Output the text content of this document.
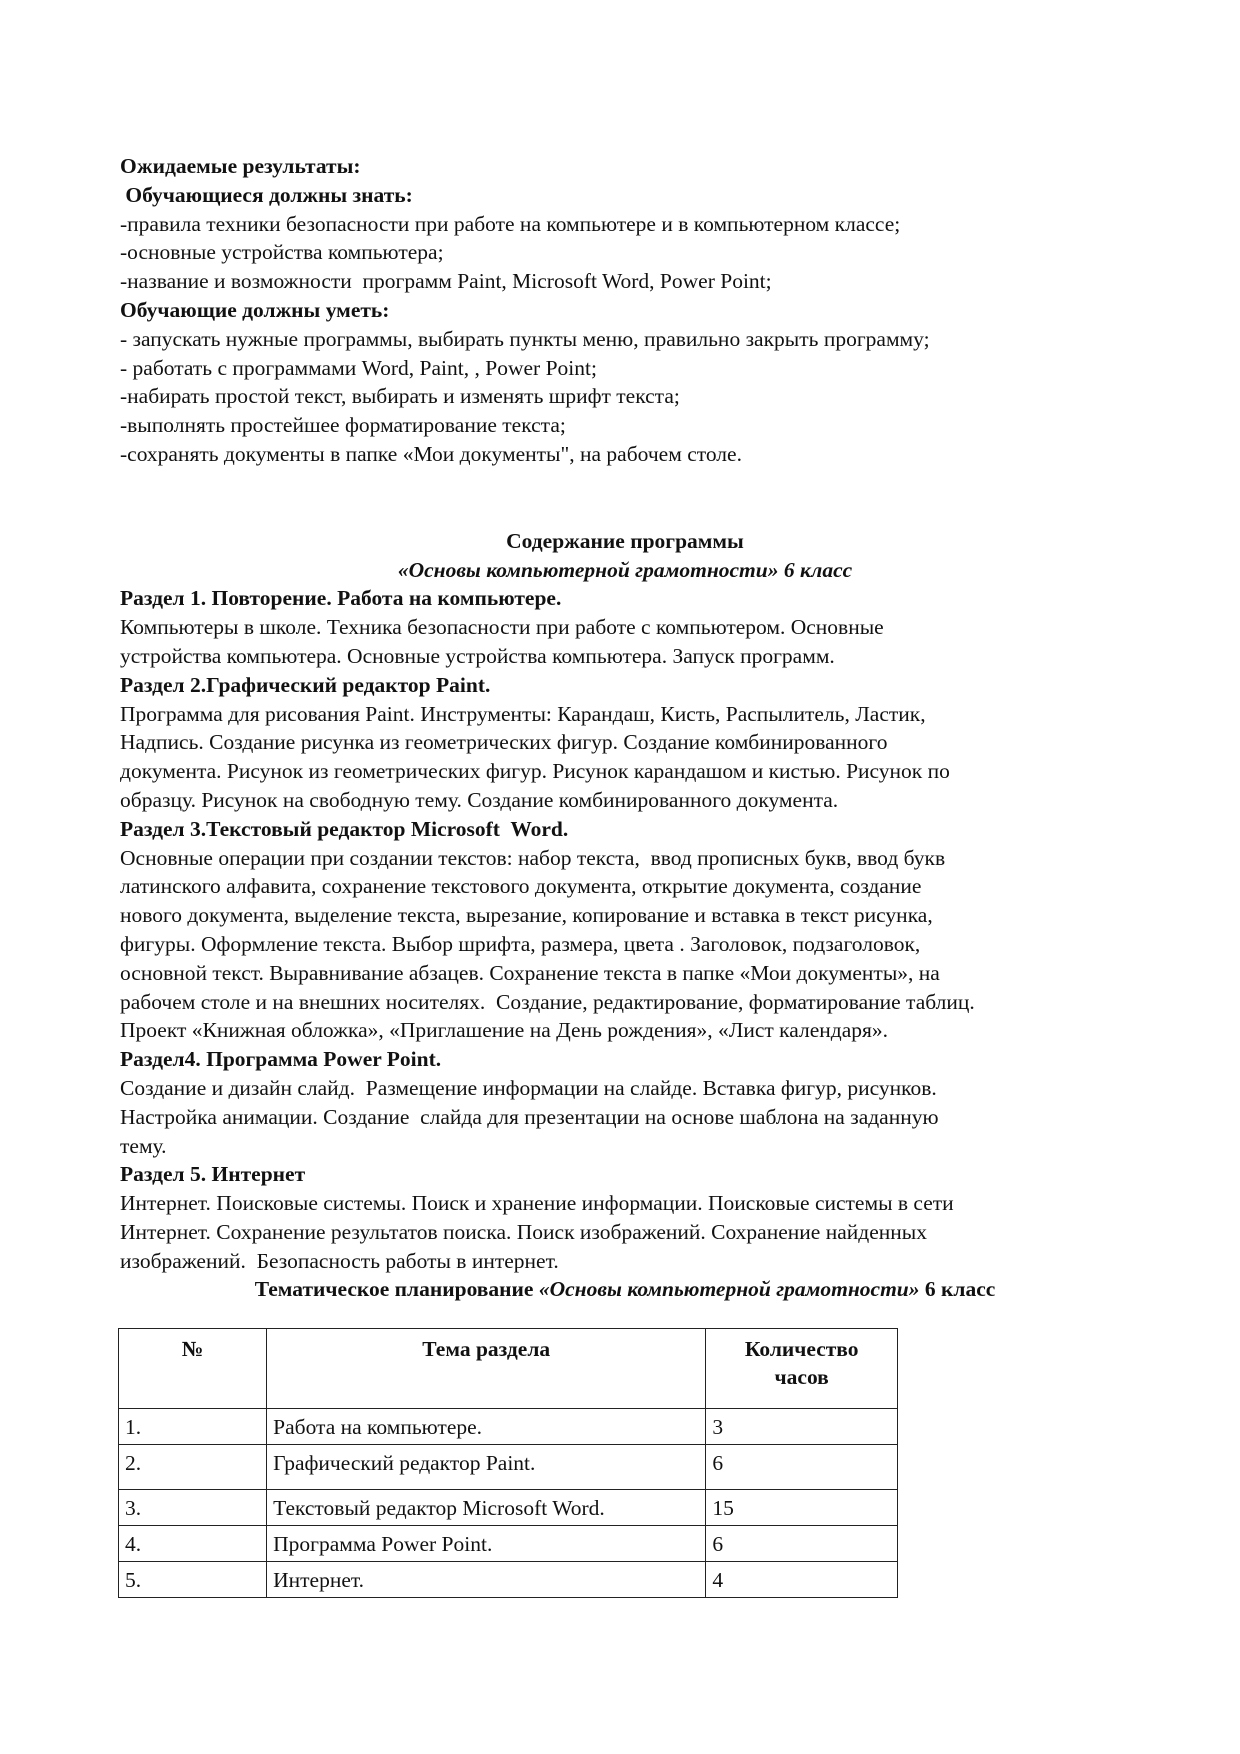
Ожидаемые результаты:
Обучающиеся должны знать:
-правила техники безопасности при работе на компьютере и в компьютерном классе;
-основные устройства компьютера;
-название и возможности  программ Paint, Microsoft Word, Power Point;
Обучающие должны уметь:
- запускать нужные программы, выбирать пункты меню, правильно закрыть программу;
- работать с программами Word, Paint, , Power Point;
-набирать простой текст, выбирать и изменять шрифт текста;
-выполнять простейшее форматирование текста;
-сохранять документы в папке «Мои документы", на рабочем столе.
Содержание программы
«Основы компьютерной грамотности» 6 класс
Раздел 1. Повторение. Работа на компьютере.
Компьютеры в школе. Техника безопасности при работе с компьютером. Основные
устройства компьютера. Основные устройства компьютера. Запуск программ.
Раздел 2.Графический редактор Paint.
Программа для рисования Paint. Инструменты: Карандаш, Кисть, Распылитель, Ластик,
Надпись. Создание рисунка из геометрических фигур. Создание комбинированного
документа. Рисунок из геометрических фигур. Рисунок карандашом и кистью. Рисунок по
образцу. Рисунок на свободную тему. Создание комбинированного документа.
Раздел 3.Текстовый редактор Microsoft  Word.
Основные операции при создании текстов: набор текста,  ввод прописных букв, ввод букв
латинского алфавита, сохранение текстового документа, открытие документа, создание
нового документа, выделение текста, вырезание, копирование и вставка в текст рисунка,
фигуры. Оформление текста. Выбор шрифта, размера, цвета . Заголовок, подзаголовок,
основной текст. Выравнивание абзацев. Сохранение текста в папке «Мои документы», на
рабочем столе и на внешних носителях.  Создание, редактирование, форматирование таблиц.
Проект «Книжная обложка», «Приглашение на День рождения», «Лист календаря».
Раздел4. Программа Power Point.
Создание и дизайн слайд.  Размещение информации на слайде. Вставка фигур, рисунков.
Настройка анимации. Создание  слайда для презентации на основе шаблона на заданную
тему.
Раздел 5. Интернет
Интернет. Поисковые системы. Поиск и хранение информации. Поисковые системы в сети
Интернет. Сохранение результатов поиска. Поиск изображений. Сохранение найденных
изображений.  Безопасность работы в интернет.
Тематическое планирование «Основы компьютерной грамотности» 6 класс
№	Тема раздела	Количество
часов
1.	Работа на компьютере.	3
2.	Графический редактор Paint.	6
3.	Текстовый редактор Microsoft Word.	15
4.	Программа Power Point.	6
5.	Интернет.	4
